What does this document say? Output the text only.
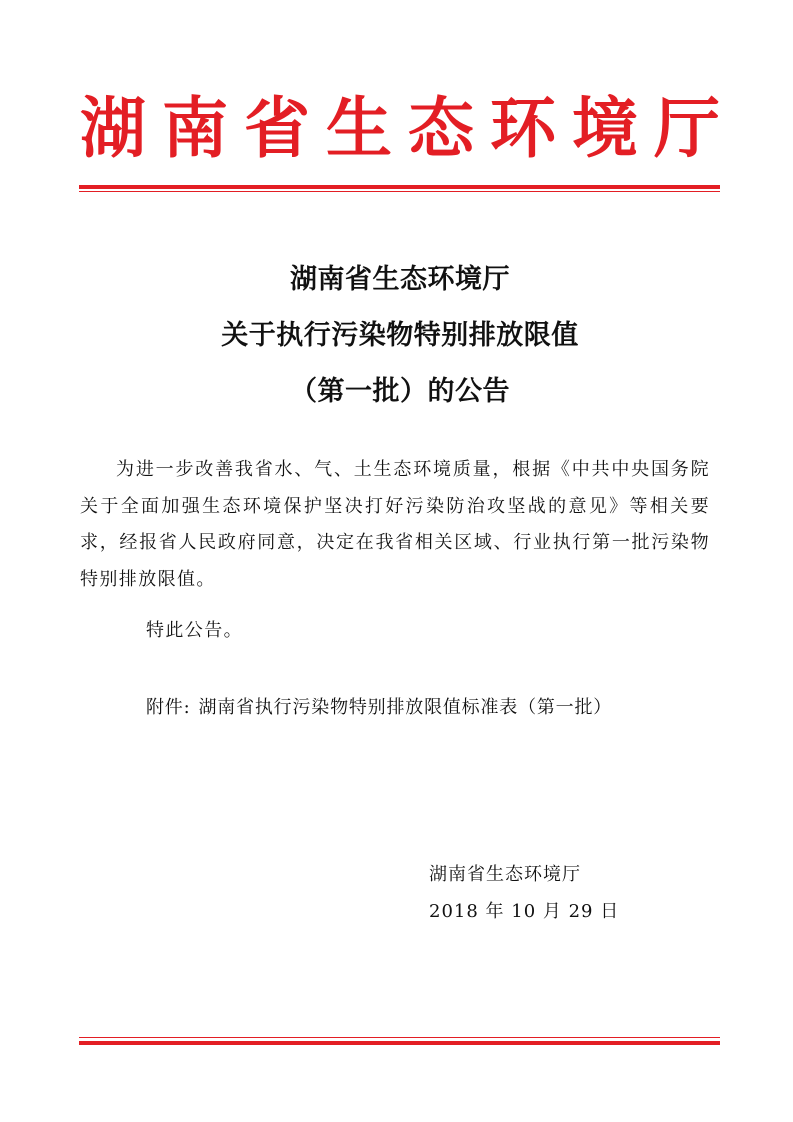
湖 南 省 生 态 环 境 厅
湖南省生态环境厅
关于执行污染物特别排放限值
（第一批）的公告

为进一步改善我省水、气、土生态环境质量，根据《中共中央国务院关于全面加强生态环境保护坚决打好污染防治攻坚战的意见》等相关要求，经报省人民政府同意，决定在我省相关区域、行业执行第一批污染物特别排放限值。

特此公告。

附件: 湖南省执行污染物特别排放限值标准表（第一批）

湖南省生态环境厅
2018 年 10 月 29 日
